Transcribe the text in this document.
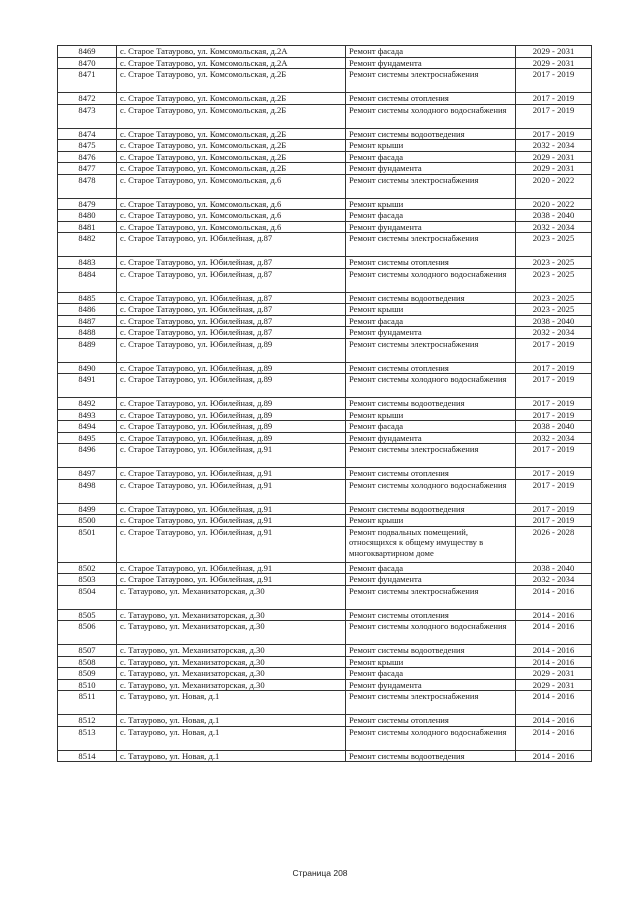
8469	с. Старое Татаурово, ул. Комсомольская, д.2А	Ремонт фасада	2029 - 2031
8470	с. Старое Татаурово, ул. Комсомольская, д.2А	Ремонт фундамента	2029 - 2031
8471	с. Старое Татаурово, ул. Комсомольская, д.2Б	Ремонт системы электроснабжения	2017 - 2019
8472	с. Старое Татаурово, ул. Комсомольская, д.2Б	Ремонт системы отопления	2017 - 2019
8473	с. Старое Татаурово, ул. Комсомольская, д.2Б	Ремонт системы холодного водоснабжения	2017 - 2019
8474	с. Старое Татаурово, ул. Комсомольская, д.2Б	Ремонт системы водоотведения	2017 - 2019
8475	с. Старое Татаурово, ул. Комсомольская, д.2Б	Ремонт крыши	2032 - 2034
8476	с. Старое Татаурово, ул. Комсомольская, д.2Б	Ремонт фасада	2029 - 2031
8477	с. Старое Татаурово, ул. Комсомольская, д.2Б	Ремонт фундамента	2029 - 2031
8478	с. Старое Татаурово, ул. Комсомольская, д.6	Ремонт системы электроснабжения	2020 - 2022
8479	с. Старое Татаурово, ул. Комсомольская, д.6	Ремонт крыши	2020 - 2022
8480	с. Старое Татаурово, ул. Комсомольская, д.6	Ремонт фасада	2038 - 2040
8481	с. Старое Татаурово, ул. Комсомольская, д.6	Ремонт фундамента	2032 - 2034
8482	с. Старое Татаурово, ул. Юбилейная, д.87	Ремонт системы электроснабжения	2023 - 2025
8483	с. Старое Татаурово, ул. Юбилейная, д.87	Ремонт системы отопления	2023 - 2025
8484	с. Старое Татаурово, ул. Юбилейная, д.87	Ремонт системы холодного водоснабжения	2023 - 2025
8485	с. Старое Татаурово, ул. Юбилейная, д.87	Ремонт системы водоотведения	2023 - 2025
8486	с. Старое Татаурово, ул. Юбилейная, д.87	Ремонт крыши	2023 - 2025
8487	с. Старое Татаурово, ул. Юбилейная, д.87	Ремонт фасада	2038 - 2040
8488	с. Старое Татаурово, ул. Юбилейная, д.87	Ремонт фундамента	2032 - 2034
8489	с. Старое Татаурово, ул. Юбилейная, д.89	Ремонт системы электроснабжения	2017 - 2019
8490	с. Старое Татаурово, ул. Юбилейная, д.89	Ремонт системы отопления	2017 - 2019
8491	с. Старое Татаурово, ул. Юбилейная, д.89	Ремонт системы холодного водоснабжения	2017 - 2019
8492	с. Старое Татаурово, ул. Юбилейная, д.89	Ремонт системы водоотведения	2017 - 2019
8493	с. Старое Татаурово, ул. Юбилейная, д.89	Ремонт крыши	2017 - 2019
8494	с. Старое Татаурово, ул. Юбилейная, д.89	Ремонт фасада	2038 - 2040
8495	с. Старое Татаурово, ул. Юбилейная, д.89	Ремонт фундамента	2032 - 2034
8496	с. Старое Татаурово, ул. Юбилейная, д.91	Ремонт системы электроснабжения	2017 - 2019
8497	с. Старое Татаурово, ул. Юбилейная, д.91	Ремонт системы отопления	2017 - 2019
8498	с. Старое Татаурово, ул. Юбилейная, д.91	Ремонт системы холодного водоснабжения	2017 - 2019
8499	с. Старое Татаурово, ул. Юбилейная, д.91	Ремонт системы водоотведения	2017 - 2019
8500	с. Старое Татаурово, ул. Юбилейная, д.91	Ремонт крыши	2017 - 2019
8501	с. Старое Татаурово, ул. Юбилейная, д.91	Ремонт подвальных помещений, относящихся к общему имуществу в многоквартирном доме	2026 - 2028
8502	с. Старое Татаурово, ул. Юбилейная, д.91	Ремонт фасада	2038 - 2040
8503	с. Старое Татаурово, ул. Юбилейная, д.91	Ремонт фундамента	2032 - 2034
8504	с. Татаурово, ул. Механизаторская, д.30	Ремонт системы электроснабжения	2014 - 2016
8505	с. Татаурово, ул. Механизаторская, д.30	Ремонт системы отопления	2014 - 2016
8506	с. Татаурово, ул. Механизаторская, д.30	Ремонт системы холодного водоснабжения	2014 - 2016
8507	с. Татаурово, ул. Механизаторская, д.30	Ремонт системы водоотведения	2014 - 2016
8508	с. Татаурово, ул. Механизаторская, д.30	Ремонт крыши	2014 - 2016
8509	с. Татаурово, ул. Механизаторская, д.30	Ремонт фасада	2029 - 2031
8510	с. Татаурово, ул. Механизаторская, д.30	Ремонт фундамента	2029 - 2031
8511	с. Татаурово, ул. Новая, д.1	Ремонт системы электроснабжения	2014 - 2016
8512	с. Татаурово, ул. Новая, д.1	Ремонт системы отопления	2014 - 2016
8513	с. Татаурово, ул. Новая, д.1	Ремонт системы холодного водоснабжения	2014 - 2016
8514	с. Татаурово, ул. Новая, д.1	Ремонт системы водоотведения	2014 - 2016
Страница 208
